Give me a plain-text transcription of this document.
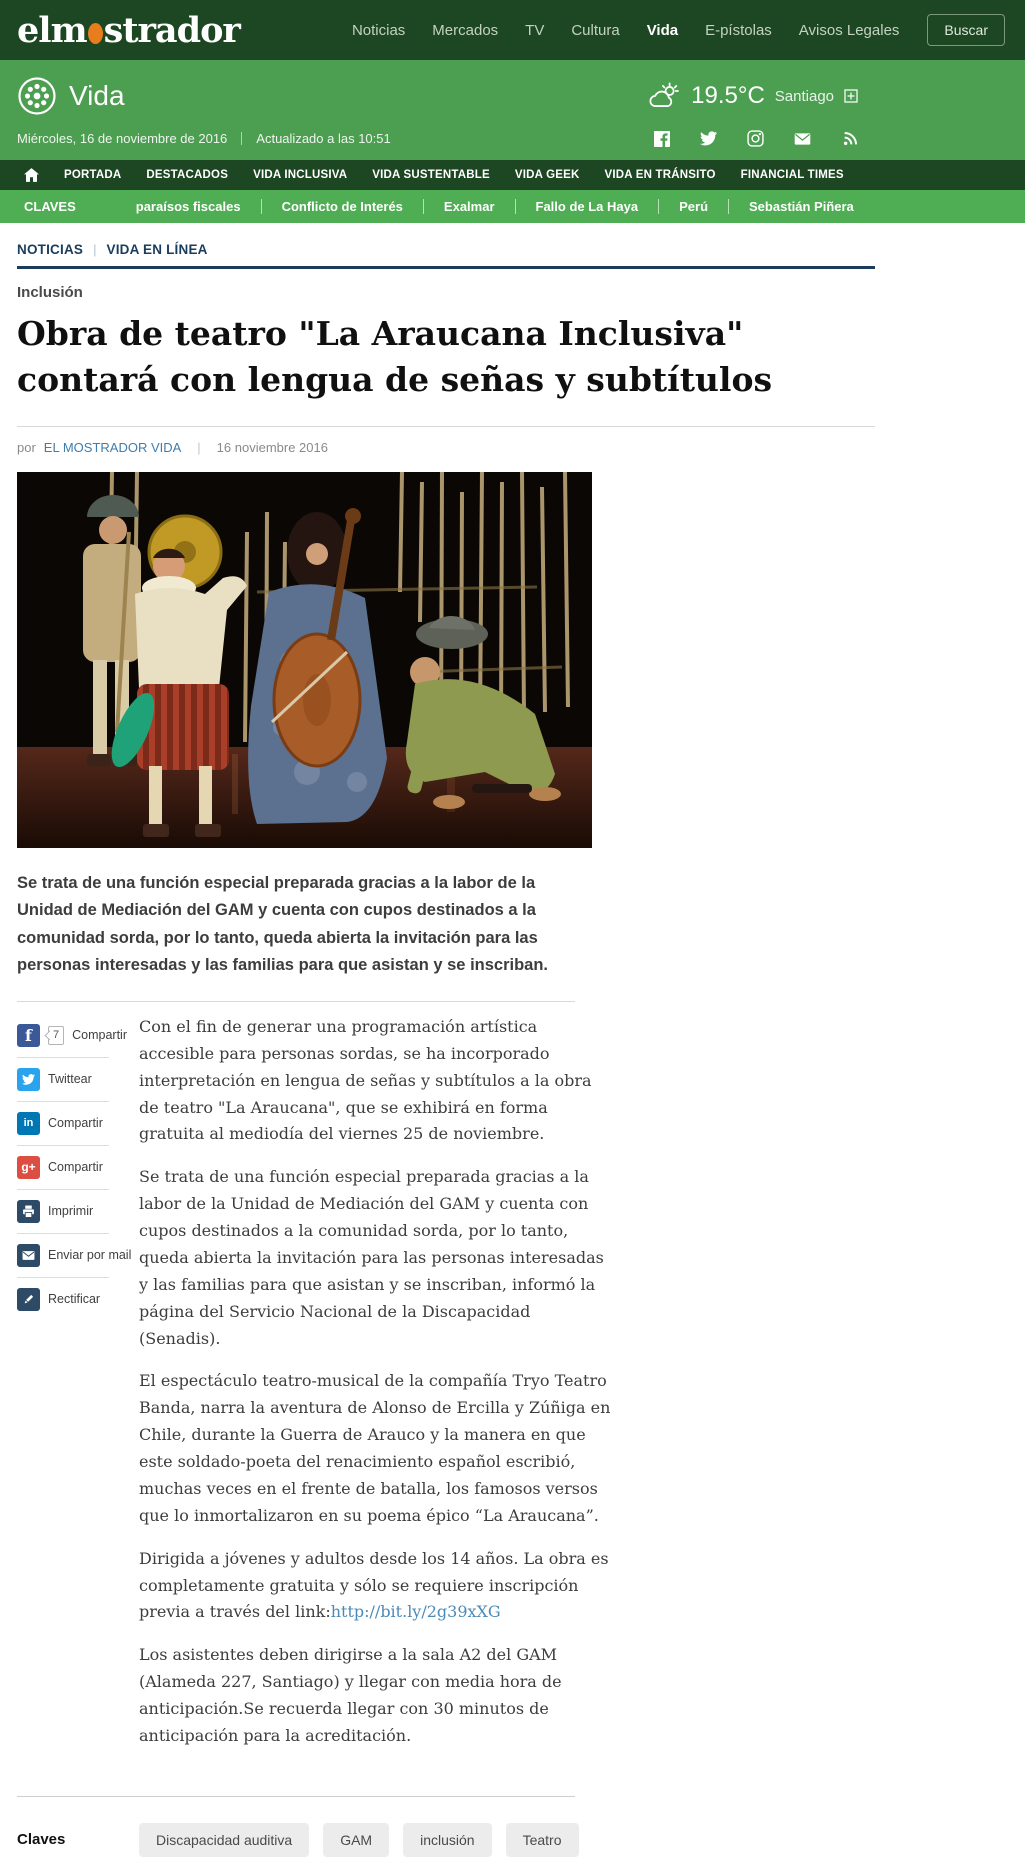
elm strador	Noticias Mercados TV Cultura Vida E-pístolas Avisos Legales	Buscar
Vida	19.5°C Santiago
Miércoles, 16 de noviembre de 2016 Actualizado a las 10:51
PORTADA DESTACADOS VIDA INCLUSIVA VIDA SUSTENTABLE VIDA GEEK VIDA EN TRÁNSITO FINANCIAL TIMES
CLAVES	paraísos fiscales	Conflicto de Interés	Exalmar	Fallo de La Haya	Perú	Sebastián Piñera
NOTICIAS | VIDA EN LÍNEA
Inclusión
Obra de teatro "La Araucana Inclusiva" contará con lengua de señas y subtítulos
por EL MOSTRADOR VIDA	|	16 noviembre 2016

Se trata de una función especial preparada gracias a la labor de la Unidad de Mediación del GAM y cuenta con cupos destinados a la comunidad sorda, por lo tanto, queda abierta la invitación para las personas interesadas y las familias para que asistan y se inscriban.

f	7	Compartir
Twittear
in	Compartir
g+ Compartir
Imprimir
Enviar por mail
Rectificar

Con el fin de generar una programación artística accesible para personas sordas, se ha incorporado interpretación en lengua de señas y subtítulos a la obra de teatro "La Araucana", que se exhibirá en forma gratuita al mediodía del viernes 25 de noviembre.

Se trata de una función especial preparada gracias a la labor de la Unidad de Mediación del GAM y cuenta con cupos destinados a la comunidad sorda, por lo tanto, queda abierta la invitación para las personas interesadas y las familias para que asistan y se inscriban, informó la página del Servicio Nacional de la Discapacidad (Senadis).

El espectáculo teatro-musical de la compañía Tryo Teatro Banda, narra la aventura de Alonso de Ercilla y Zúñiga en Chile, durante la Guerra de Arauco y la manera en que este soldado-poeta del renacimiento español escribió, muchas veces en el frente de batalla, los famosos versos que lo inmortalizaron en su poema épico “La Araucana”.

Dirigida a jóvenes y adultos desde los 14 años. La obra es completamente gratuita y sólo se requiere inscripción previa a través del link:http://bit.ly/2g39xXG

Los asistentes deben dirigirse a la sala A2 del GAM (Alameda 227, Santiago) y llegar con media hora de anticipación.Se recuerda llegar con 30 minutos de anticipación para la acreditación.

Claves	Discapacidad auditiva	GAM	inclusión	Teatro
